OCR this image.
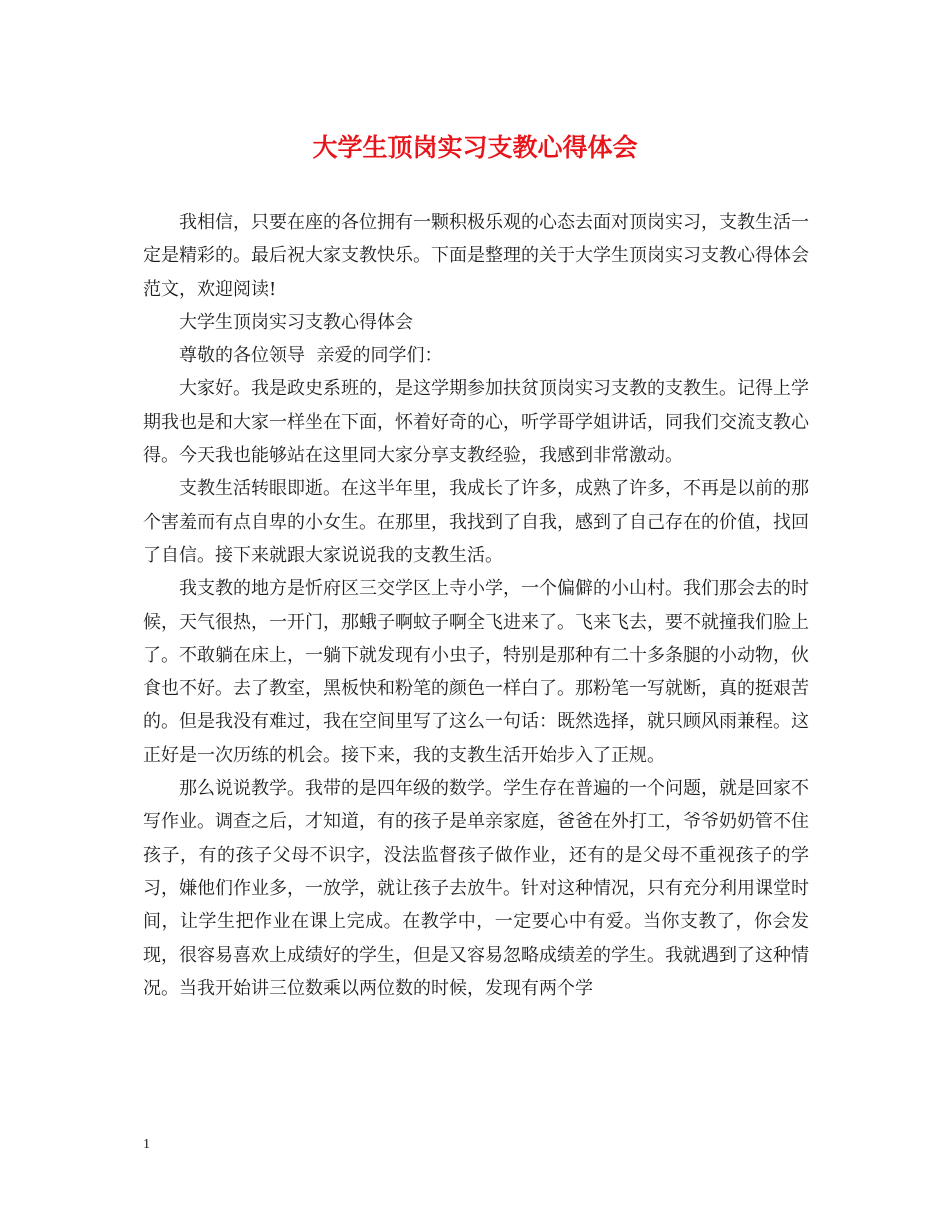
大学生顶岗实习支教心得体会

我相信，只要在座的各位拥有一颗积极乐观的心态去面对顶岗实习，支教生活一定是精彩的。最后祝大家支教快乐。下面是整理的关于大学生顶岗实习支教心得体会范文，欢迎阅读!

大学生顶岗实习支教心得体会

尊敬的各位领导  亲爱的同学们：

大家好。我是政史系班的，是这学期参加扶贫顶岗实习支教的支教生。记得上学期我也是和大家一样坐在下面，怀着好奇的心，听学哥学姐讲话，同我们交流支教心得。今天我也能够站在这里同大家分享支教经验，我感到非常激动。

支教生活转眼即逝。在这半年里，我成长了许多，成熟了许多，不再是以前的那个害羞而有点自卑的小女生。在那里，我找到了自我，感到了自己存在的价值，找回了自信。接下来就跟大家说说我的支教生活。

我支教的地方是忻府区三交学区上寺小学，一个偏僻的小山村。我们那会去的时候，天气很热，一开门，那蛾子啊蚊子啊全飞进来了。飞来飞去，要不就撞我们脸上了。不敢躺在床上，一躺下就发现有小虫子，特别是那种有二十多条腿的小动物，伙食也不好。去了教室，黑板快和粉笔的颜色一样白了。那粉笔一写就断，真的挺艰苦的。但是我没有难过，我在空间里写了这么一句话：既然选择，就只顾风雨兼程。这正好是一次历练的机会。接下来，我的支教生活开始步入了正规。

那么说说教学。我带的是四年级的数学。学生存在普遍的一个问题，就是回家不写作业。调查之后，才知道，有的孩子是单亲家庭，爸爸在外打工，爷爷奶奶管不住孩子，有的孩子父母不识字，没法监督孩子做作业，还有的是父母不重视孩子的学习，嫌他们作业多，一放学，就让孩子去放牛。针对这种情况，只有充分利用课堂时间，让学生把作业在课上完成。在教学中，一定要心中有爱。当你支教了，你会发现，很容易喜欢上成绩好的学生，但是又容易忽略成绩差的学生。我就遇到了这种情况。当我开始讲三位数乘以两位数的时候，发现有两个学

1
